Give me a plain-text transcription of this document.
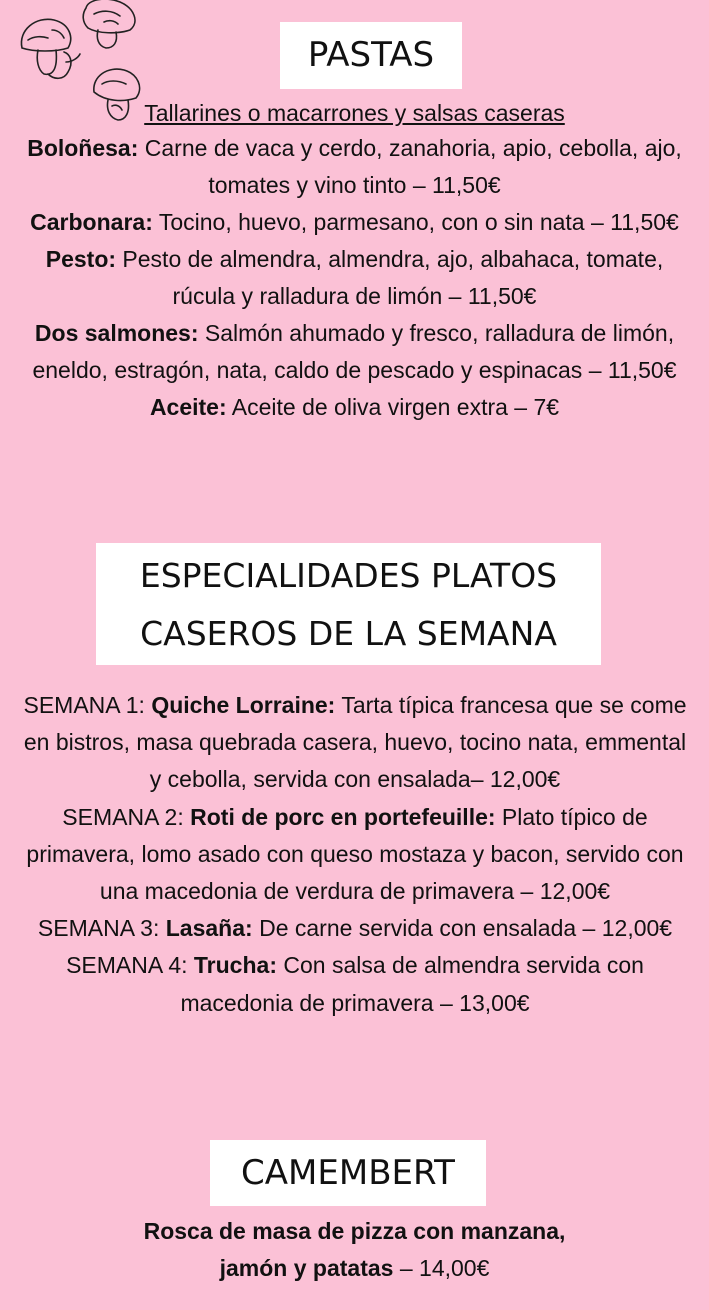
PASTAS

Tallarines o macarrones y salsas caseras

Boloñesa: Carne de vaca y cerdo, zanahoria, apio, cebolla, ajo, tomates y vino tinto – 11,50€

Carbonara: Tocino, huevo, parmesano, con o sin nata – 11,50€

Pesto: Pesto de almendra, almendra, ajo, albahaca, tomate, rúcula y ralladura de limón – 11,50€

Dos salmones: Salmón ahumado y fresco, ralladura de limón, eneldo, estragón, nata, caldo de pescado y espinacas – 11,50€

Aceite: Aceite de oliva virgen extra – 7€

ESPECIALIDADES PLATOS
CASEROS DE LA SEMANA

SEMANA 1: Quiche Lorraine: Tarta típica francesa que se come en bistros, masa quebrada casera, huevo, tocino nata, emmental y cebolla, servida con ensalada– 12,00€

SEMANA 2: Roti de porc en portefeuille: Plato típico de primavera, lomo asado con queso mostaza y bacon, servido con una macedonia de verdura de primavera – 12,00€

SEMANA 3: Lasaña: De carne servida con ensalada – 12,00€

SEMANA 4: Trucha: Con salsa de almendra servida con macedonia de primavera – 13,00€

CAMEMBERT

Rosca de masa de pizza con manzana,

jamón y patatas – 14,00€
